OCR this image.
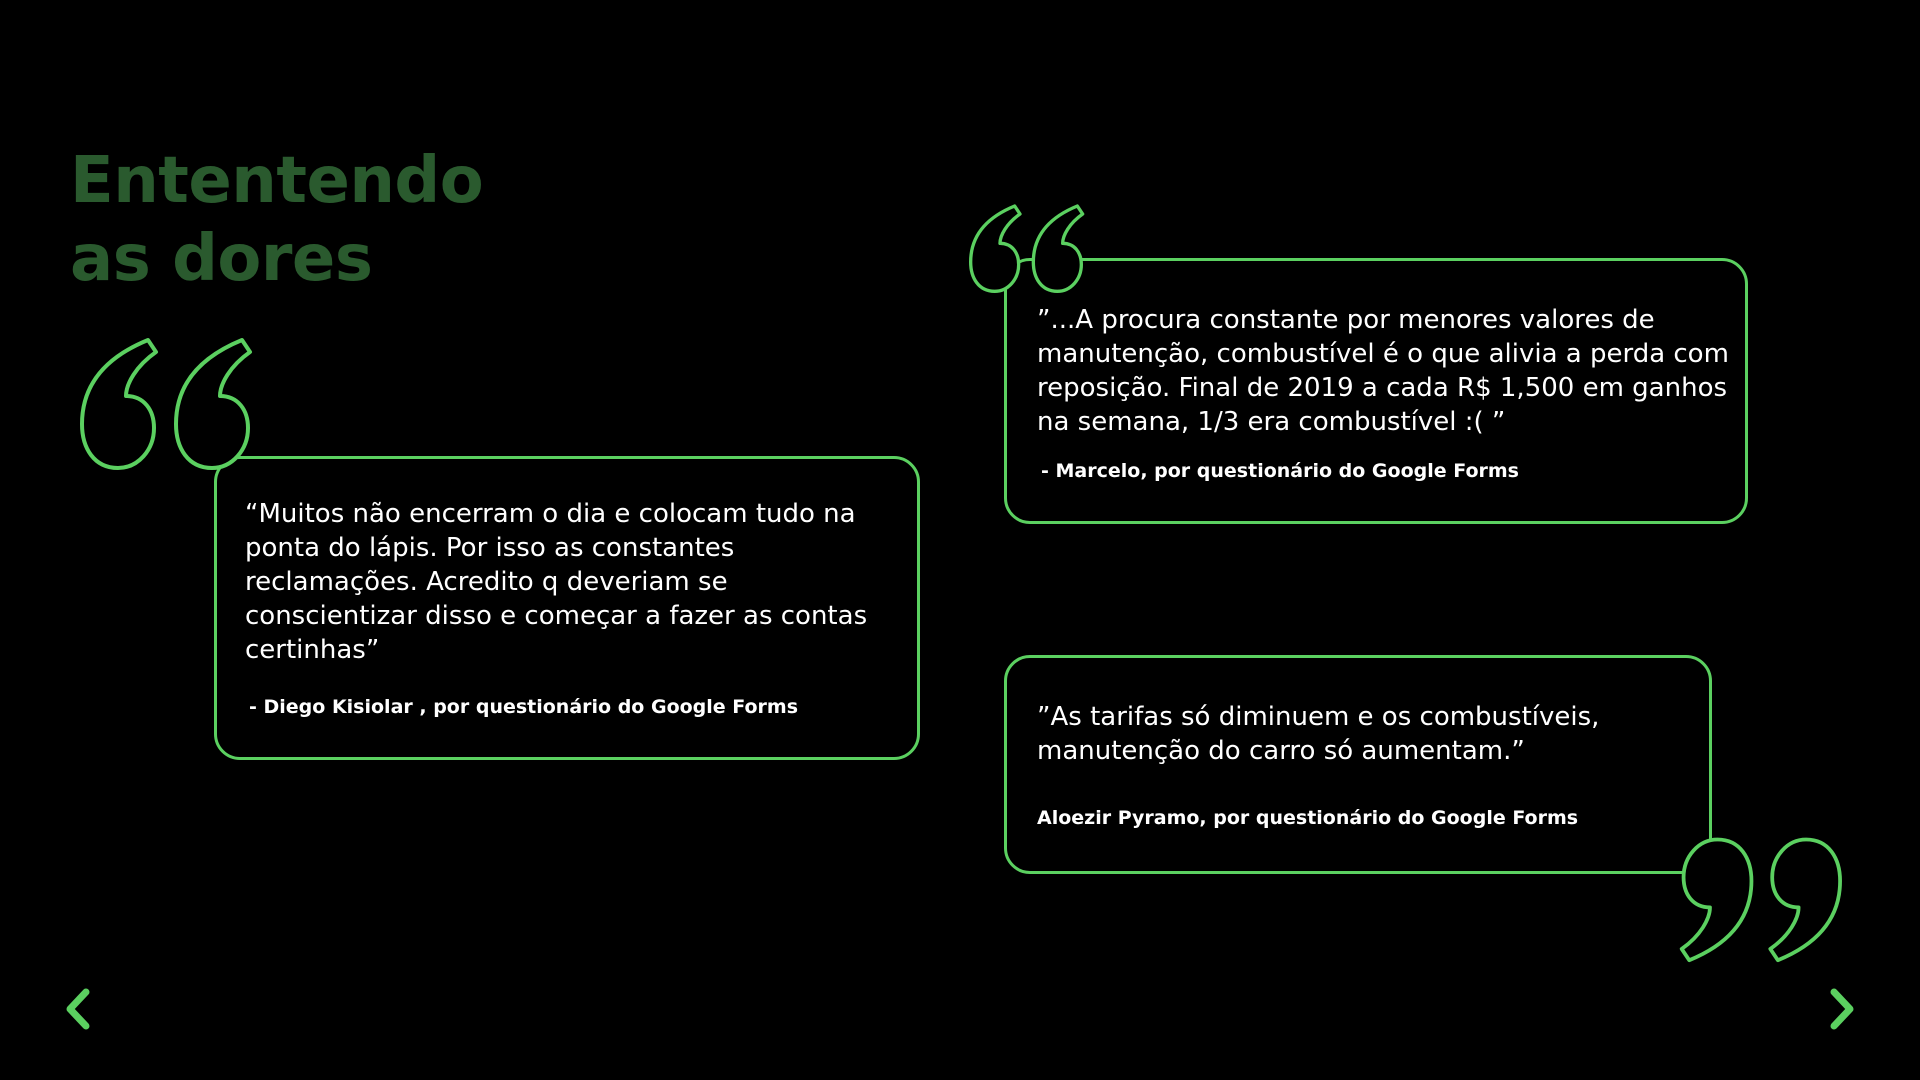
Ententendo
as dores

“Muitos não encerram o dia e colocam tudo na ponta do lápis. Por isso as constantes reclamações. Acredito q deveriam se conscientizar disso e começar a fazer as contas certinhas”

- Diego Kisiolar , por questionário do Google Forms

”...A procura constante por menores valores de manutenção, combustível é o que alivia a perda com reposição. Final de 2019 a cada R$ 1,500 em ganhos na semana, 1/3 era combustível :( ”

- Marcelo, por questionário do Google Forms

”As tarifas só diminuem e os combustíveis, manutenção do carro só aumentam.”

Aloezir Pyramo, por questionário do Google Forms
